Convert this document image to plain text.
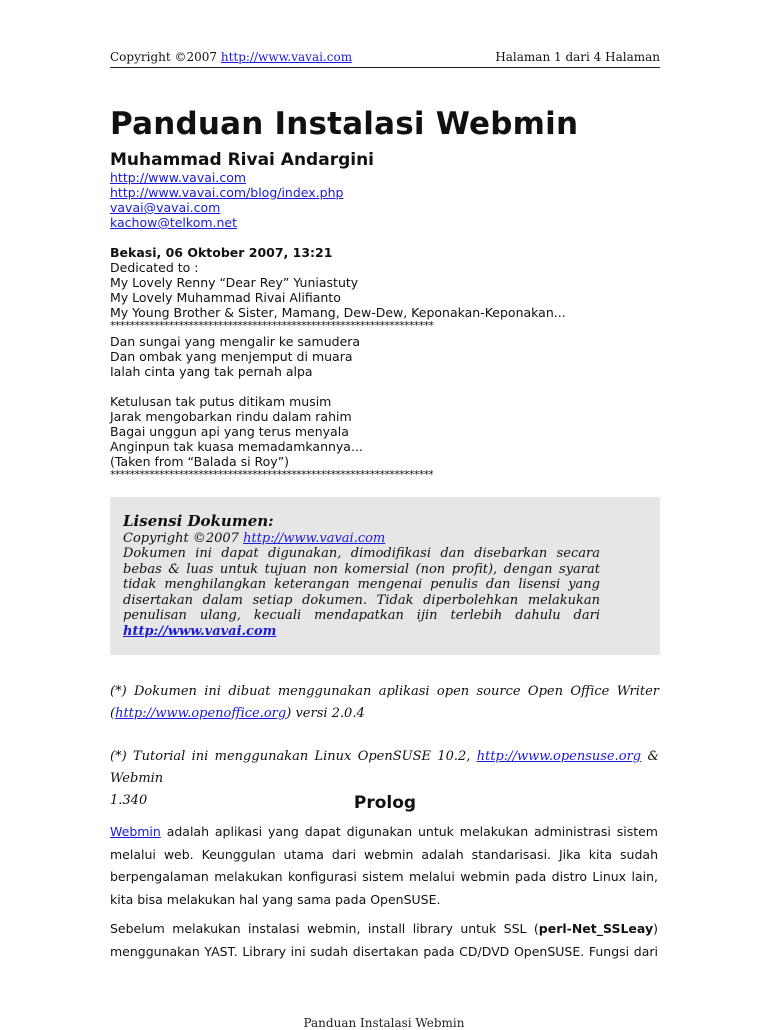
Copyright ©2007 http://www.vavai.com	Halaman 1 dari 4 Halaman
Panduan Instalasi Webmin
Muhammad Rivai Andargini
http://www.vavai.com
http://www.vavai.com/blog/index.php
vavai@vavai.com
kachow@telkom.net
Bekasi, 06 Oktober 2007, 13:21
Dedicated to :
My Lovely Renny “Dear Rey” Yuniastuty
My Lovely Muhammad Rivai Alifianto
My Young Brother & Sister, Mamang, Dew-Dew, Keponakan-Keponakan...
******************************************************************
Dan sungai yang mengalir ke samudera
Dan ombak yang menjemput di muara
Ialah cinta yang tak pernah alpa
Ketulusan tak putus ditikam musim
Jarak mengobarkan rindu dalam rahim
Bagai unggun api yang terus menyala
Anginpun tak kuasa memadamkannya...
(Taken from “Balada si Roy”)
******************************************************************
Lisensi Dokumen:
Copyright ©2007 http://www.vavai.com
Dokumen ini dapat digunakan, dimodifikasi dan disebarkan secara
bebas & luas untuk tujuan non komersial (non profit), dengan syarat
tidak menghilangkan keterangan mengenai penulis dan lisensi yang
disertakan dalam setiap dokumen. Tidak diperbolehkan melakukan
penulisan ulang, kecuali mendapatkan ijin terlebih dahulu dari
http://www.vavai.com
(*) Dokumen ini dibuat menggunakan aplikasi open source Open Office Writer
(http://www.openoffice.org) versi 2.0.4
(*) Tutorial ini menggunakan Linux OpenSUSE 10.2, http://www.opensuse.org & Webmin
1.340	Prolog
Webmin adalah aplikasi yang dapat digunakan untuk melakukan administrasi sistem
melalui web. Keunggulan utama dari webmin adalah standarisasi. Jika kita sudah
berpengalaman melakukan konfigurasi sistem melalui webmin pada distro Linux lain,
kita bisa melakukan hal yang sama pada OpenSUSE.
Sebelum melakukan instalasi webmin, install library untuk SSL (perl-Net_SSLeay)
menggunakan YAST. Library ini sudah disertakan pada CD/DVD OpenSUSE. Fungsi dari
Panduan Instalasi Webmin
